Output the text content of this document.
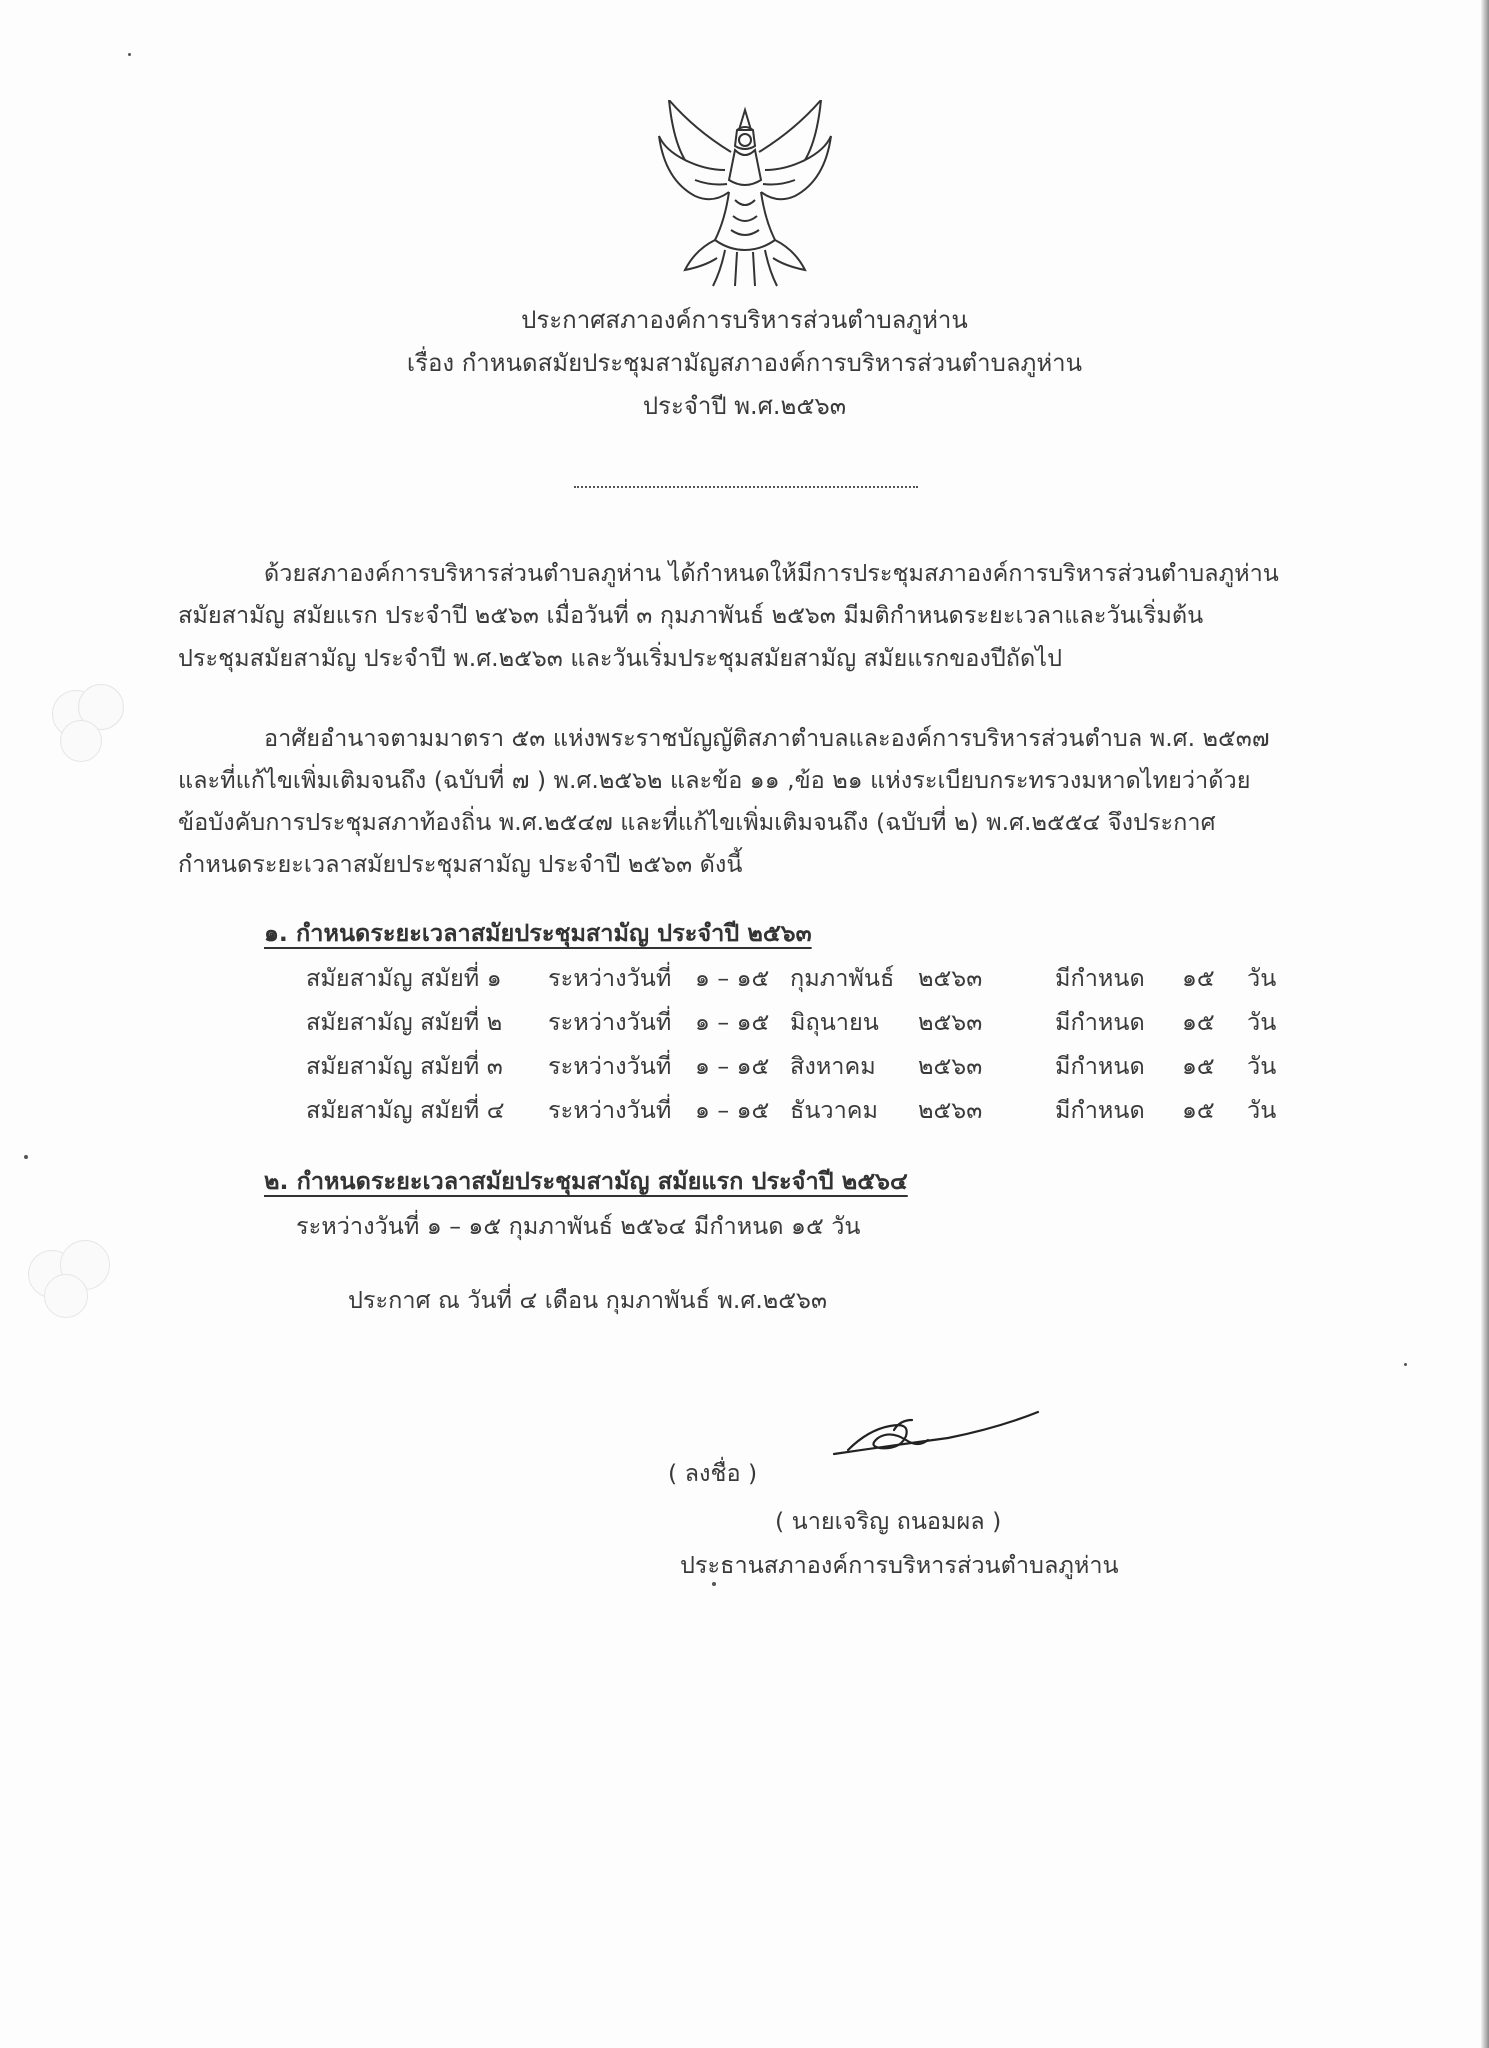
ประกาศสภาองค์การบริหารส่วนตำบลภูห่าน
เรื่อง กำหนดสมัยประชุมสามัญสภาองค์การบริหารส่วนตำบลภูห่าน
ประจำปี พ.ศ.๒๕๖๓
ด้วยสภาองค์การบริหารส่วนตำบลภูห่าน ได้กำหนดให้มีการประชุมสภาองค์การบริหารส่วนตำบลภูห่าน
สมัยสามัญ สมัยแรก ประจำปี ๒๕๖๓ เมื่อวันที่ ๓ กุมภาพันธ์ ๒๕๖๓ มีมติกำหนดระยะเวลาและวันเริ่มต้น
ประชุมสมัยสามัญ ประจำปี พ.ศ.๒๕๖๓ และวันเริ่มประชุมสมัยสามัญ สมัยแรกของปีถัดไป
อาศัยอำนาจตามมาตรา ๕๓ แห่งพระราชบัญญัติสภาตำบลและองค์การบริหารส่วนตำบล พ.ศ. ๒๕๓๗
และที่แก้ไขเพิ่มเติมจนถึง (ฉบับที่ ๗ ) พ.ศ.๒๕๖๒ และข้อ ๑๑ ,ข้อ ๒๑ แห่งระเบียบกระทรวงมหาดไทยว่าด้วย
ข้อบังคับการประชุมสภาท้องถิ่น พ.ศ.๒๕๔๗ และที่แก้ไขเพิ่มเติมจนถึง (ฉบับที่ ๒) พ.ศ.๒๕๕๔ จึงประกาศ
กำหนดระยะเวลาสมัยประชุมสามัญ ประจำปี ๒๕๖๓ ดังนี้
๑. กำหนดระยะเวลาสมัยประชุมสามัญ ประจำปี ๒๕๖๓
สมัยสามัญ สมัยที่ ๑ ระหว่างวันที่ ๑ – ๑๕ กุมภาพันธ์ ๒๕๖๓	มีกำหนด ๑๕ วัน
สมัยสามัญ สมัยที่ ๒ ระหว่างวันที่ ๑ – ๑๕ มิถุนายน ๒๕๖๓	มีกำหนด ๑๕ วัน
สมัยสามัญ สมัยที่ ๓ ระหว่างวันที่ ๑ – ๑๕ สิงหาคม ๒๕๖๓	มีกำหนด ๑๕ วัน
สมัยสามัญ สมัยที่ ๔ ระหว่างวันที่ ๑ – ๑๕ ธันวาคม ๒๕๖๓	มีกำหนด ๑๕ วัน
๒. กำหนดระยะเวลาสมัยประชุมสามัญ สมัยแรก ประจำปี ๒๕๖๔
ระหว่างวันที่ ๑ – ๑๕ กุมภาพันธ์ ๒๕๖๔ มีกำหนด ๑๕ วัน
ประกาศ ณ วันที่ ๔ เดือน กุมภาพันธ์ พ.ศ.๒๕๖๓
( ลงชื่อ )
( นายเจริญ ถนอมผล )
ประธานสภาองค์การบริหารส่วนตำบลภูห่าน
